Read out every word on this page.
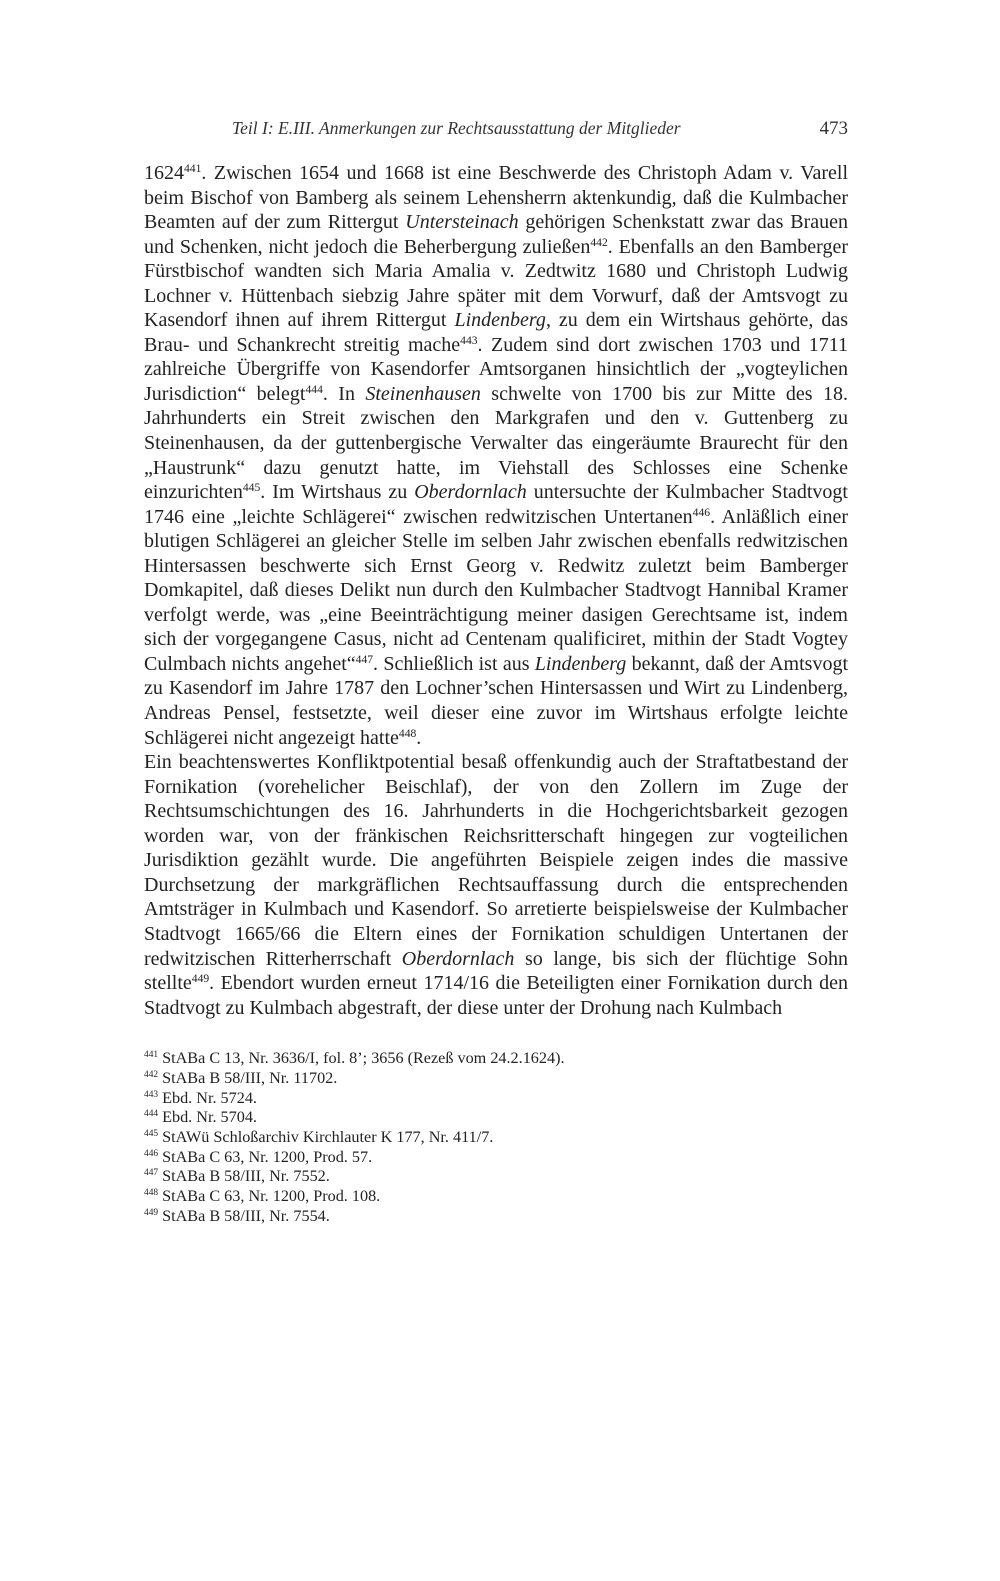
Teil I: E.III. Anmerkungen zur Rechtsausstattung der Mitglieder	473

1624$^{441}$. Zwischen 1654 und 1668 ist eine Beschwerde des Christoph Adam v. Varell beim Bischof von Bamberg als seinem Lehensherrn aktenkundig, daß die Kulmbacher Beamten auf der zum Rittergut Untersteinach gehörigen Schenkstatt zwar das Brauen und Schenken, nicht jedoch die Beherbergung zuließen$^{442}$. Ebenfalls an den Bamberger Fürstbischof wandten sich Maria Amalia v. Zedtwitz 1680 und Christoph Ludwig Lochner v. Hüttenbach siebzig Jahre später mit dem Vorwurf, daß der Amtsvogt zu Kasendorf ihnen auf ihrem Rittergut Lindenberg, zu dem ein Wirtshaus gehörte, das Brau- und Schankrecht streitig mache$^{443}$. Zudem sind dort zwischen 1703 und 1711 zahlreiche Übergriffe von Kasendorfer Amtsorganen hinsichtlich der „vogteylichen Jurisdiction“ belegt$^{444}$. In Steinenhausen schwelte von 1700 bis zur Mitte des 18. Jahrhunderts ein Streit zwischen den Markgrafen und den v. Guttenberg zu Steinenhausen, da der guttenbergische Verwalter das eingeräumte Braurecht für den „Haustrunk“ dazu genutzt hatte, im Viehstall des Schlosses eine Schenke einzurichten$^{445}$. Im Wirtshaus zu Oberdornlach untersuchte der Kulmbacher Stadtvogt 1746 eine „leichte Schlägerei“ zwischen redwitzischen Untertanen$^{446}$. Anläßlich einer blutigen Schlägerei an gleicher Stelle im selben Jahr zwischen ebenfalls redwitzischen Hintersassen beschwerte sich Ernst Georg v. Redwitz zuletzt beim Bamberger Domkapitel, daß dieses Delikt nun durch den Kulmbacher Stadtvogt Hannibal Kramer verfolgt werde, was „eine Beeinträchtigung meiner dasigen Gerechtsame ist, indem sich der vorgegangene Casus, nicht ad Centenam qualificiret, mithin der Stadt Vogtey Culmbach nichts angehet“$^{447}$. Schließlich ist aus Lindenberg bekannt, daß der Amtsvogt zu Kasendorf im Jahre 1787 den Lochner’schen Hintersassen und Wirt zu Lindenberg, Andreas Pensel, festsetzte, weil dieser eine zuvor im Wirtshaus erfolgte leichte Schlägerei nicht angezeigt hatte$^{448}$.

Ein beachtenswertes Konfliktpotential besaß offenkundig auch der Straftatbestand der Fornikation (vorehelicher Beischlaf), der von den Zollern im Zuge der Rechtsumschichtungen des 16. Jahrhunderts in die Hochgerichtsbarkeit gezogen worden war, von der fränkischen Reichsritterschaft hingegen zur vogteilichen Jurisdiktion gezählt wurde. Die angeführten Beispiele zeigen indes die massive Durchsetzung der markgräflichen Rechtsauffassung durch die entsprechenden Amtsträger in Kulmbach und Kasendorf. So arretierte beispielsweise der Kulmbacher Stadtvogt 1665/66 die Eltern eines der Fornikation schuldigen Untertanen der redwitzischen Ritterherrschaft Oberdornlach so lange, bis sich der flüchtige Sohn stellte$^{449}$. Ebendort wurden erneut 1714/16 die Beteiligten einer Fornikation durch den Stadtvogt zu Kulmbach abgestraft, der diese unter der Drohung nach Kulmbach

$^{441}$ StABa C 13, Nr. 3636/I, fol. 8’; 3656 (Rezeß vom 24.2.1624).
$^{442}$ StABa B 58/III, Nr. 11702.
$^{443}$ Ebd. Nr. 5724.
$^{444}$ Ebd. Nr. 5704.
$^{445}$ StAWü Schloßarchiv Kirchlauter K 177, Nr. 411/7.
$^{446}$ StABa C 63, Nr. 1200, Prod. 57.
$^{447}$ StABa B 58/III, Nr. 7552.
$^{448}$ StABa C 63, Nr. 1200, Prod. 108.
$^{449}$ StABa B 58/III, Nr. 7554.
